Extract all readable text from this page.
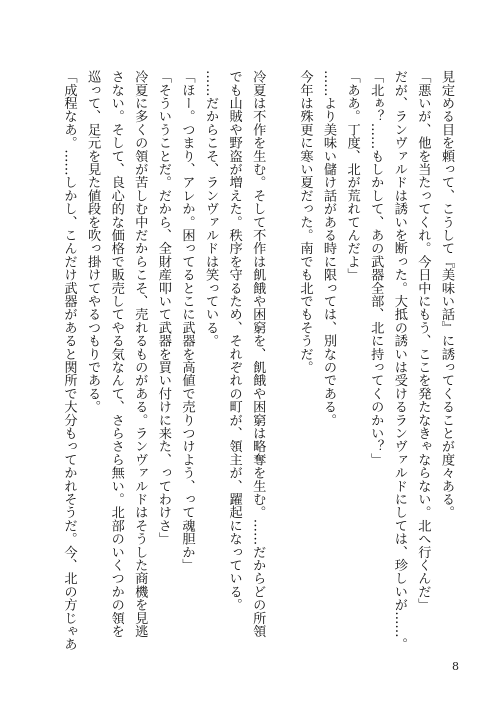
見定める目を頼って、こうして『美味い話』に誘ってくることが度々ある。

「悪いが、他を当たってくれ。今日中にもう、ここを発たなきゃならない。北へ行くんだ」

だが、ランヴァルドは誘いを断った。大抵の誘いは受けるランヴァルドにしては、珍しいが……。

「北ぁ？……もしかして、あの武器全部、北に持ってくのかい？」

「ああ。丁度、北が荒れてんだよ」

……より美味い儲け話がある時に限っては、別なのである。

今年は殊更に寒い夏だった。南でも北でもそうだ。

冷夏は不作を生む。そして不作は飢餓や困窮を、飢餓や困窮は略奪を生む。……だからどの所領

でも山賊や野盗が増えた。秩序を守るため、それぞれの町が、領主が、躍起になっている。

……だからこそ、ランヴァルドは笑っている。

「ほー。つまり、アレか。困ってるとこに武器を高値で売りつけよう、って魂胆か」

「そういうことだ。だから、全財産叩いて武器を買い付けに来た、ってわけさ」

冷夏に多くの領が苦しむ中だからこそ、売れるものがある。ランヴァルドはそうした商機を見逃

さない。そして、良心的な価格で販売してやる気なんて、さらさら無い。北部のいくつかの領を

巡って、足元を見た値段を吹っ掛けてやるつもりである。

「成程なあ。……しかし、こんだけ武器があると関所で大分もってかれそうだ。今、北の方じゃあ

8
